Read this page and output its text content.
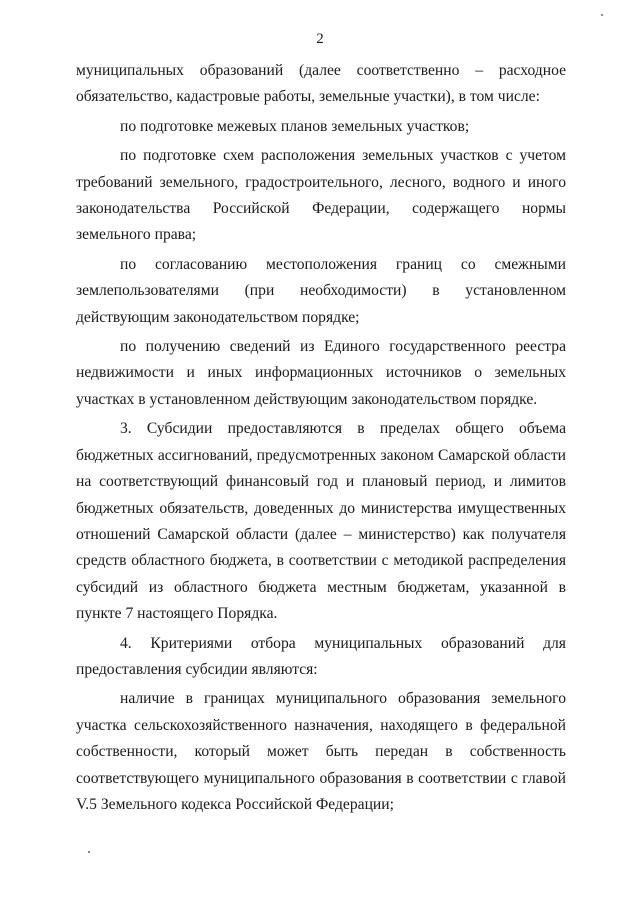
2

муниципальных образований (далее соответственно – расходное обязательство, кадастровые работы, земельные участки), в том числе:

по подготовке межевых планов земельных участков;

по подготовке схем расположения земельных участков с учетом требований земельного, градостроительного, лесного, водного и иного законодательства Российской Федерации, содержащего нормы земельного права;

по согласованию местоположения границ со смежными землепользователями (при необходимости) в установленном действующим законодательством порядке;

по получению сведений из Единого государственного реестра недвижимости и иных информационных источников о земельных участках в установленном действующим законодательством порядке.

3. Субсидии предоставляются в пределах общего объема бюджетных ассигнований, предусмотренных законом Самарской области на соответствующий финансовый год и плановый период, и лимитов бюджетных обязательств, доведенных до министерства имущественных отношений Самарской области (далее – министерство) как получателя средств областного бюджета, в соответствии с методикой распределения субсидий из областного бюджета местным бюджетам, указанной в пункте 7 настоящего Порядка.

4. Критериями отбора муниципальных образований для предоставления субсидии являются:

наличие в границах муниципального образования земельного участка сельскохозяйственного назначения, находящего в федеральной собственности, который может быть передан в собственность соответствующего муниципального образования в соответствии с главой V.5 Земельного кодекса Российской Федерации;
